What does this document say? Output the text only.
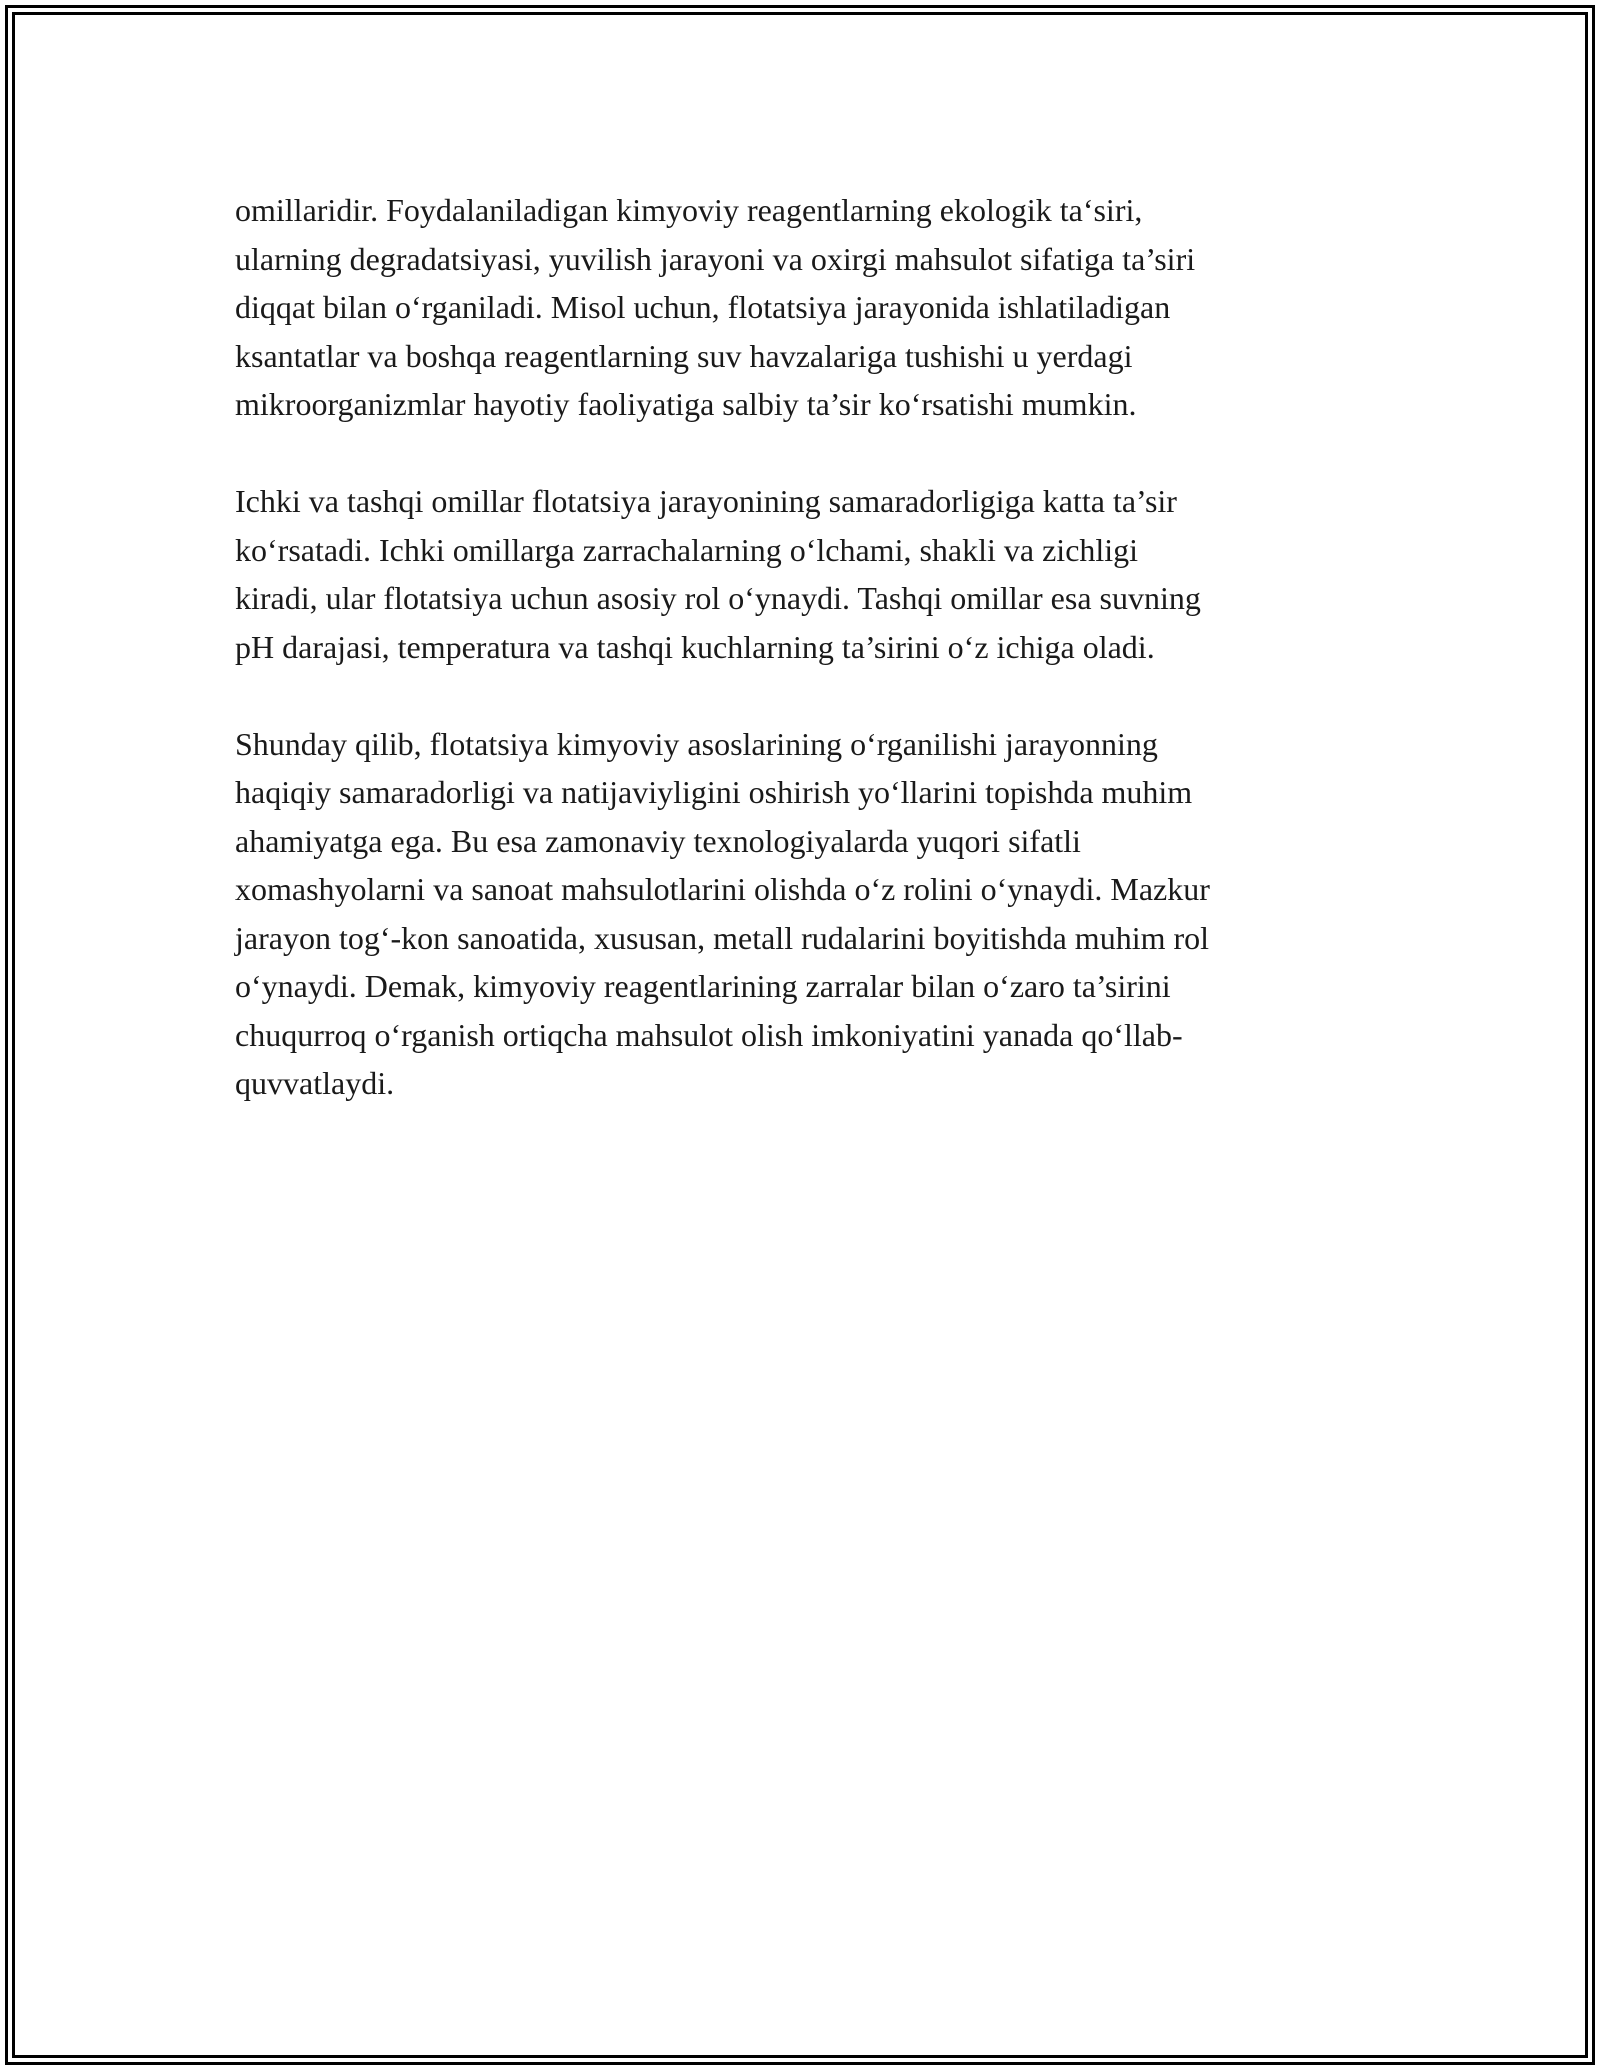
omillaridir. Foydalaniladigan kimyoviy reagentlarning ekologik ta‘siri,
ularning degradatsiyasi, yuvilish jarayoni va oxirgi mahsulot sifatiga ta’siri
diqqat bilan o‘rganiladi. Misol uchun, flotatsiya jarayonida ishlatiladigan
ksantatlar va boshqa reagentlarning suv havzalariga tushishi u yerdagi
mikroorganizmlar hayotiy faoliyatiga salbiy ta’sir ko‘rsatishi mumkin.

Ichki va tashqi omillar flotatsiya jarayonining samaradorligiga katta ta’sir
ko‘rsatadi. Ichki omillarga zarrachalarning o‘lchami, shakli va zichligi
kiradi, ular flotatsiya uchun asosiy rol o‘ynaydi. Tashqi omillar esa suvning
pH darajasi, temperatura va tashqi kuchlarning ta’sirini o‘z ichiga oladi.

Shunday qilib, flotatsiya kimyoviy asoslarining o‘rganilishi jarayonning
haqiqiy samaradorligi va natijaviyligini oshirish yo‘llarini topishda muhim
ahamiyatga ega. Bu esa zamonaviy texnologiyalarda yuqori sifatli
xomashyolarni va sanoat mahsulotlarini olishda o‘z rolini o‘ynaydi. Mazkur
jarayon tog‘-kon sanoatida, xususan, metall rudalarini boyitishda muhim rol
o‘ynaydi. Demak, kimyoviy reagentlarining zarralar bilan o‘zaro ta’sirini
chuqurroq o‘rganish ortiqcha mahsulot olish imkoniyatini yanada qo‘llab-
quvvatlaydi.
